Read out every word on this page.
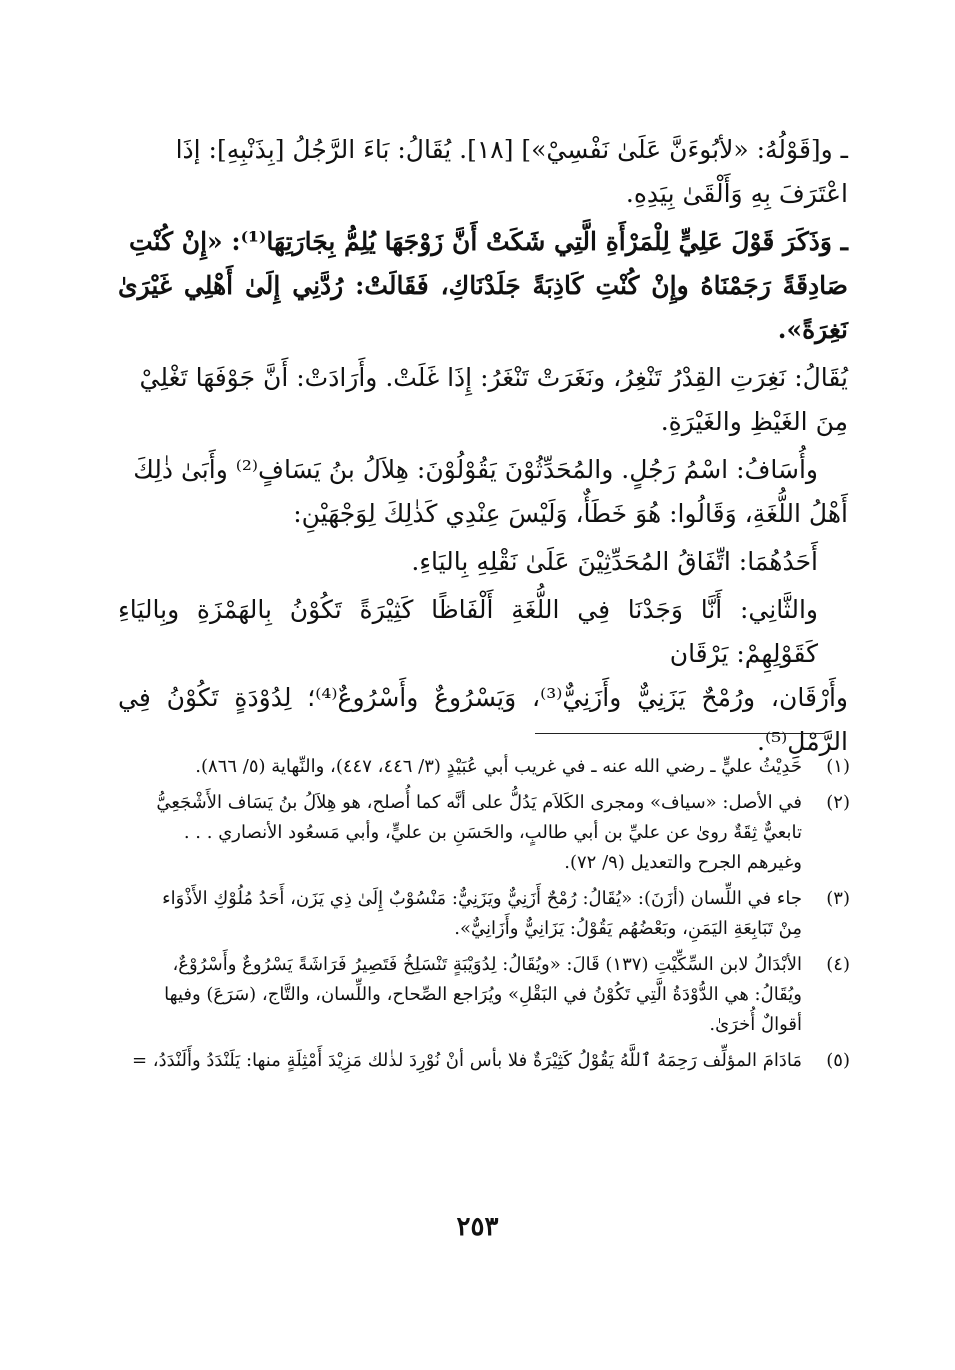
ـ و[قَوْلُهُ: «لأبُوءَنَّ عَلَىٰ نَفْسِيْ»] [١٨]. يُقَالُ: بَاءَ الرَّجُلُ [بِذَنْبِهِ]: إذَا
اعْتَرَفَ بِهِ وَأَلْقَىٰ بِيَدِهِ.

ـ وَذَكَرَ قَوْلَ عَلِيٍّ لِلْمَرْأَةِ الَّتِي شَكَتْ أَنَّ زَوْجَهَا يُلِمُّ بِجَارَتِهَا⁽¹⁾: «إِنْ كُنْتِ
صَادِقَةً رَجَمْنَاهُ وإِنْ كُنْتِ كَاذِبَةً جَلَدْنَاكِ، فَقَالَتْ: رُدَّنِي إِلَىٰ أَهْلِي غَيْرَىٰ نَغِرَةً».

يُقَالُ: نَغِرَتِ القِدْرُ تَنْغِرُ، ونَغَرَتْ تَنْغَرُ: إِذَا غَلَتْ. وأَرَادَتْ: أَنَّ جَوْفَهَا تَغْلِيْ
مِنَ الغَيْظِ والغَيْرَةِ.

وأُسَافُ: اسْمُ رَجُلٍ. والمُحَدِّثُوْنَ يَقُوْلُوْنَ: هِلاَلُ بنُ يَسَافٍ⁽²⁾ وأَبَىٰ ذٰلِكَ
أَهْلُ اللُّغَةِ، وَقَالُوا: هُوَ خَطَأٌ، وَلَيْسَ عِنْدِي كَذٰلِكَ لِوَجْهَيْنِ:

أَحَدُهُمَا: اتِّفَاقُ المُحَدِّثِيْنَ عَلَىٰ نَقْلِهِ بِاليَاءِ.

والثَّانِي: أَنَّا وَجَدْنَا فِي اللُّغَةِ أَلْفَاظًا كَثِيْرَةً تَكُوْنُ بِالهَمْزَةِ وبِاليَاءِ كَقَوْلِهِمْ: يَرْقَان
وأَرْقَان، ورُمْحٌ يَزَنِيٌّ وأَزَنِيٌّ⁽³⁾، وَيَسْرُوعٌ وأَسْرُوعٌ⁽⁴⁾؛ لِدُوْدَةٍ تَكُوْنُ فِي الرَّمْلِ⁽⁵⁾.

(١)
حَدِيْثُ عليٍّ ـ رضي الله عنه ـ في غريب أبي عُبَيْدٍ (٣/ ٤٤٦، ٤٤٧)، والنِّهاية (٥/ ٨٦٦).
(٢)
في الأصل: «سياف» ومجرى الكَلاَم يَدُلُّ على أنَّه كما أُصلح، هو هِلاَلُ بنُ يَسَاف الأَشْجَعِيُّ
تابعيٌّ ثِقَةٌ روىٰ عن عليِّ بن أبي طالبٍ، والحَسَنِ بن عليٍّ، وأبي مَسعُود الأنصاري . . .
وغيرهم الجرح والتعديل (٩/ ٧٢).
(٣)
جاء في اللِّسان (أزَنَ): «يُقَالُ: رُمْحٌ أَزَنِيٌّ ويَزَنِيٌّ: مَنْسُوْبٌ إِلَىٰ ذِي يَزَن، أَحَدُ مُلُوْكِ الأَذْوَاء
مِنْ تَبَابِعَةِ اليَمَنِ، وبَعْضُهُم يَقُوْلُ: يَزَانِيٌّ وأَزَانِيٌّ».
(٤)
الأبْدَالُ لابن السِّكِّيْتِ (١٣٧) قَالَ: «ويُقَالُ: لِدُوَيْبَةٍ تَنْسَلِخُ فَتَصِيرُ فَرَاشَةً يَسْرُوعٌ وأَسْرُوْعٌ،
ويُقَالُ: هي الدُّوْدَةُ الَّتِي تَكُوْنُ في البَقْلِ» ويُرَاجع الصِّحاح، واللِّسان، والتَّاج، (سَرَعَ) وفيها
أقوالٌ أُخرَىٰ.
(٥)
مَادَامَ المؤلِّف رَحِمَهُ ٱللَّهُ يَقُوْلُ كَثِيْرَةٌ فلا بأس أنْ نُوْرِدَ لذٰلك مَزِيْدَ أَمْثِلَةٍ منها: يَلَنْدَدُ وأَلَنْدَدُ، =
٢٥٣
